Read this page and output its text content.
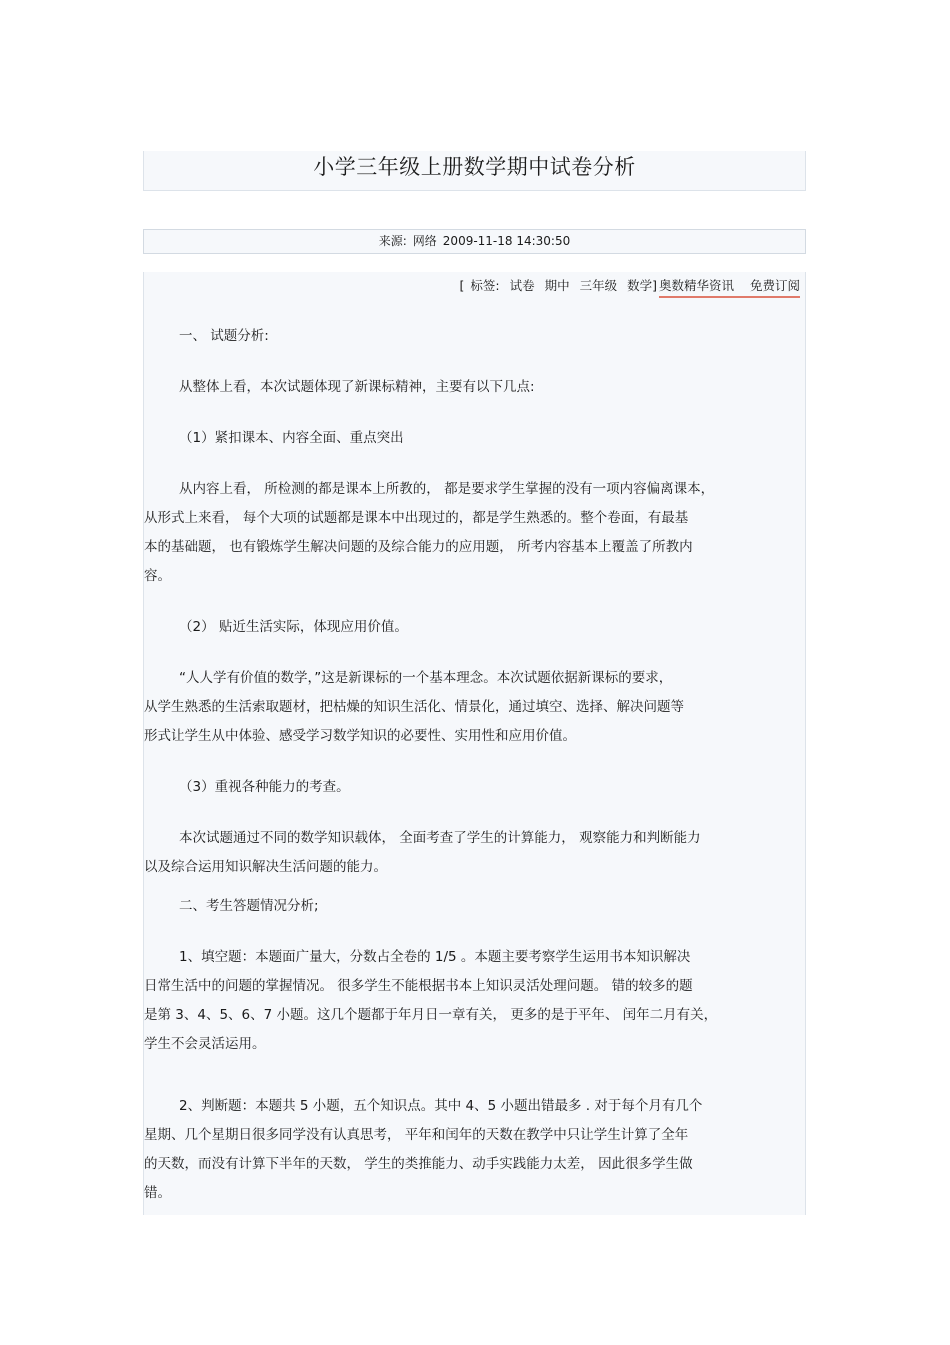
小学三年级上册数学期中试卷分析
来源: 网络 2009-11-18 14:30:50
[ 标签: 试卷 期中 三年级 数学] 奥数精华资讯 免费订阅
一、 试题分析:
从整体上看，本次试题体现了新课标精神，主要有以下几点:
（1）紧扣课本、内容全面、重点突出
从内容上看， 所检测的都是课本上所教的， 都是要求学生掌握的没有一项内容偏离课本，
从形式上来看， 每个大项的试题都是课本中出现过的，都是学生熟悉的。整个卷面，有最基
本的基础题， 也有锻炼学生解决问题的及综合能力的应用题， 所考内容基本上覆盖了所教内
容。
（2） 贴近生活实际，体现应用价值。
“人人学有价值的数学，”这是新课标的一个基本理念。本次试题依据新课标的要求，
从学生熟悉的生活索取题材，把枯燥的知识生活化、情景化，通过填空、选择、解决问题等
形式让学生从中体验、感受学习数学知识的必要性、实用性和应用价值。
（3）重视各种能力的考查。
本次试题通过不同的数学知识载体， 全面考查了学生的计算能力， 观察能力和判断能力
以及综合运用知识解决生活问题的能力。
二、考生答题情况分析;
1、填空题：本题面广量大，分数占全卷的 1/5 。本题主要考察学生运用书本知识解决
日常生活中的问题的掌握情况。 很多学生不能根据书本上知识灵活处理问题。 错的较多的题
是第 3、4、5、6、7 小题。这几个题都于年月日一章有关， 更多的是于平年、 闰年二月有关，
学生不会灵活运用。
2、判断题：本题共 5 小题，五个知识点。其中 4、5 小题出错最多 . 对于每个月有几个
星期、几个星期日很多同学没有认真思考， 平年和闰年的天数在教学中只让学生计算了全年
的天数，而没有计算下半年的天数， 学生的类推能力、动手实践能力太差， 因此很多学生做
错。
